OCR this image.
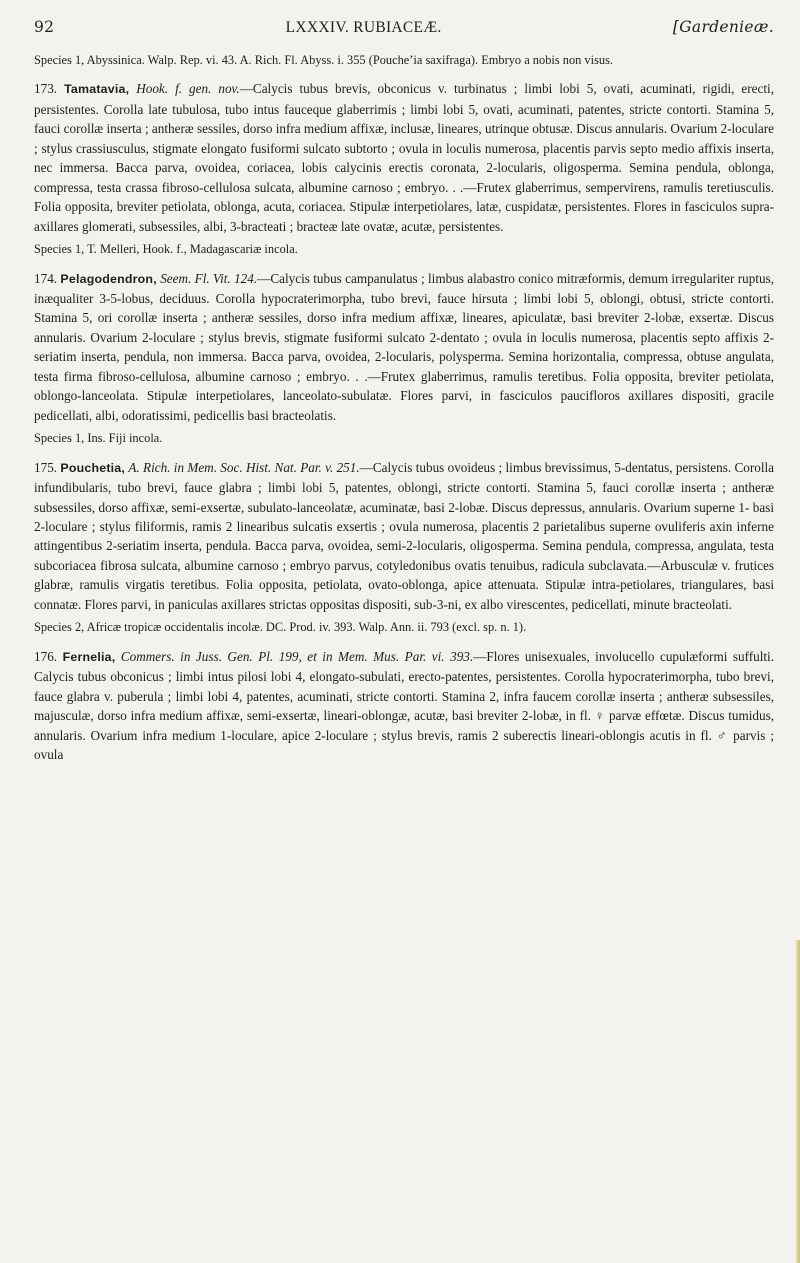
92	LXXXIV. RUBIACEÆ.	[Gardenieæ.

Species 1, Abyssinica. Walp. Rep. vi. 43. A. Rich. Fl. Abyss. i. 355 (Pouche’ia saxifraga). Embryo a nobis non visus.

173. Tamatavia, Hook. f. gen. nov.—Calycis tubus brevis, obconicus v. turbinatus ; limbi lobi 5, ovati, acuminati, rigidi, erecti, persistentes. Corolla late tubulosa, tubo intus fauceque glaberrimis ; limbi lobi 5, ovati, acuminati, patentes, stricte contorti. Stamina 5, fauci corollæ inserta ; antheræ sessiles, dorso infra medium affixæ, inclusæ, lineares, utrinque obtusæ. Discus annularis. Ovarium 2-loculare ; stylus crassiusculus, stigmate elongato fusiformi sulcato subtorto ; ovula in loculis numerosa, placentis parvis septo medio affixis inserta, nec immersa. Bacca parva, ovoidea, coriacea, lobis calycinis erectis coronata, 2-locularis, oligosperma. Semina pendula, oblonga, compressa, testa crassa fibroso-cellulosa sulcata, albumine carnoso ; embryo. . .—Frutex glaberrimus, sempervirens, ramulis teretiusculis. Folia opposita, breviter petiolata, oblonga, acuta, coriacea. Stipulæ interpetiolares, latæ, cuspidatæ, persistentes. Flores in fasciculos supra-axillares glomerati, subsessiles, albi, 3-bracteati ; bracteæ late ovatæ, acutæ, persistentes.

Species 1, T. Melleri, Hook. f., Madagascariæ incola.

174. Pelagodendron, Seem. Fl. Vit. 124.—Calycis tubus campanulatus ; limbus alabastro conico mitræformis, demum irregulariter ruptus, inæqualiter 3-5-lobus, deciduus. Corolla hypocraterimorpha, tubo brevi, fauce hirsuta ; limbi lobi 5, oblongi, obtusi, stricte contorti. Stamina 5, ori corollæ inserta ; antheræ sessiles, dorso infra medium affixæ, lineares, apiculatæ, basi breviter 2-lobæ, exsertæ. Discus annularis. Ovarium 2-loculare ; stylus brevis, stigmate fusiformi sulcato 2-dentato ; ovula in loculis numerosa, placentis septo affixis 2-seriatim inserta, pendula, non immersa. Bacca parva, ovoidea, 2-locularis, polysperma. Semina horizontalia, compressa, obtuse angulata, testa firma fibroso-cellulosa, albumine carnoso ; embryo. . .—Frutex glaberrimus, ramulis teretibus. Folia opposita, breviter petiolata, oblongo-lanceolata. Stipulæ interpetiolares, lanceolato-subulatæ. Flores parvi, in fasciculos paucifloros axillares dispositi, gracile pedicellati, albi, odoratissimi, pedicellis basi bracteolatis.

Species 1, Ins. Fiji incola.

175. Pouchetia, A. Rich. in Mem. Soc. Hist. Nat. Par. v. 251.—Calycis tubus ovoideus ; limbus brevissimus, 5-dentatus, persistens. Corolla infundibularis, tubo brevi, fauce glabra ; limbi lobi 5, patentes, oblongi, stricte contorti. Stamina 5, fauci corollæ inserta ; antheræ subsessiles, dorso affixæ, semi-exsertæ, subulato-lanceolatæ, acuminatæ, basi 2-lobæ. Discus depressus, annularis. Ovarium superne 1- basi 2-loculare ; stylus filiformis, ramis 2 linearibus sulcatis exsertis ; ovula numerosa, placentis 2 parietalibus superne ovuliferis axin inferne attingentibus 2-seriatim inserta, pendula. Bacca parva, ovoidea, semi-2-locularis, oligosperma. Semina pendula, compressa, angulata, testa subcoriacea fibrosa sulcata, albumine carnoso ; embryo parvus, cotyledonibus ovatis tenuibus, radicula subclavata.—Arbusculæ v. frutices glabræ, ramulis virgatis teretibus. Folia opposita, petiolata, ovato-oblonga, apice attenuata. Stipulæ intra-petiolares, triangulares, basi connatæ. Flores parvi, in paniculas axillares strictas oppositas dispositi, sub-3-ni, ex albo virescentes, pedicellati, minute bracteolati.

Species 2, Africæ tropicæ occidentalis incolæ. DC. Prod. iv. 393. Walp. Ann. ii. 793 (excl. sp. n. 1).

176. Fernelia, Commers. in Juss. Gen. Pl. 199, et in Mem. Mus. Par. vi. 393.—Flores unisexuales, involucello cupulæformi suffulti. Calycis tubus obconicus ; limbi intus pilosi lobi 4, elongato-subulati, erecto-patentes, persistentes. Corolla hypocraterimorpha, tubo brevi, fauce glabra v. puberula ; limbi lobi 4, patentes, acuminati, stricte contorti. Stamina 2, infra faucem corollæ inserta ; antheræ subsessiles, majusculæ, dorso infra medium affixæ, semi-exsertæ, lineari-oblongæ, acutæ, basi breviter 2-lobæ, in fl. ♀ parvæ effœtæ. Discus tumidus, annularis. Ovarium infra medium 1-loculare, apice 2-loculare ; stylus brevis, ramis 2 suberectis lineari-oblongis acutis in fl. ♂ parvis ; ovula
